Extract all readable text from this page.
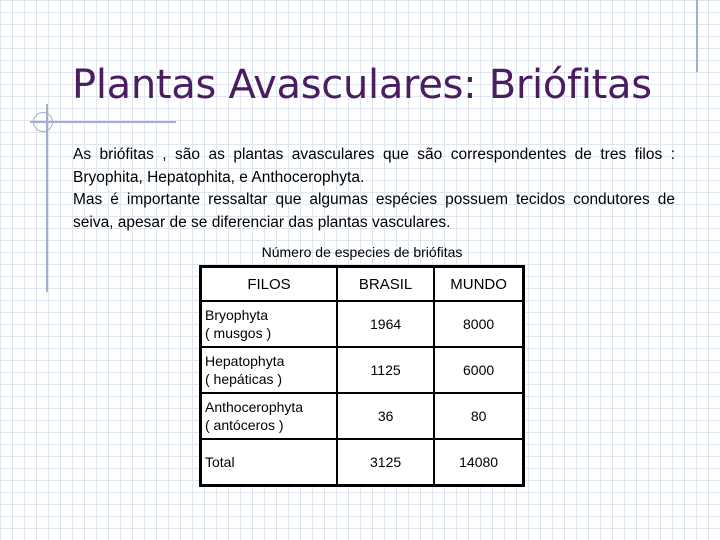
Plantas Avasculares: Briófitas

As briófitas , são as plantas avasculares que são correspondentes de tres filos : Bryophita, Hepatophita, e Anthocerophyta.

Mas é importante ressaltar que algumas espécies possuem tecidos condutores de seiva, apesar de se diferenciar das plantas vasculares.

Número de especies de briófitas
FILOS	BRASIL	MUNDO

Bryophyta
( musgos )	1964	8000

Hepatophyta
( hepáticas )	1125	6000

Anthocerophyta
( antóceros )	36	80

Total	3125	14080
